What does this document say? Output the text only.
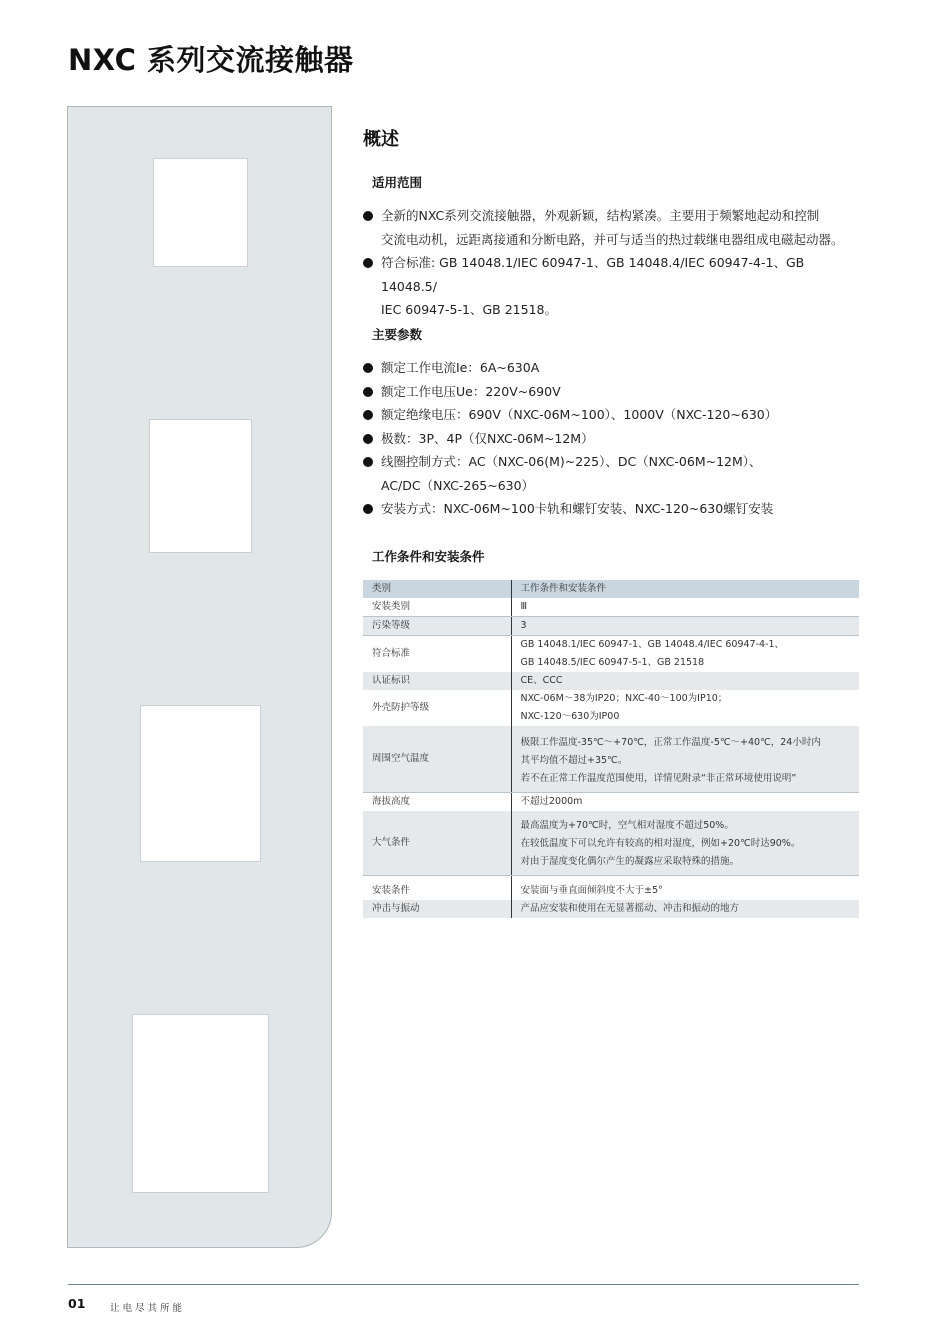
NXC 系列交流接触器
概述
适用范围
全新的NXC系列交流接触器，外观新颖，结构紧凑。主要用于频繁地起动和控制
交流电动机，远距离接通和分断电路，并可与适当的热过载继电器组成电磁起动器。
符合标准: GB 14048.1/IEC 60947-1、GB 14048.4/IEC 60947-4-1、GB 14048.5/
IEC 60947-5-1、GB 21518。
主要参数
额定工作电流Ie：6A~630A
额定工作电压Ue：220V~690V
额定绝缘电压：690V（NXC-06M~100）、1000V（NXC-120~630）
极数：3P、4P（仅NXC-06M~12M）
线圈控制方式：AC（NXC-06(M)~225）、DC（NXC-06M~12M）、
AC/DC（NXC-265~630）
安装方式：NXC-06M~100卡轨和螺钉安装、NXC-120~630螺钉安装
工作条件和安装条件
类别	工作条件和安装条件
安装类别	Ⅲ
污染等级	3
符合标准	GB 14048.1/IEC 60947-1、GB 14048.4/IEC 60947-4-1、
GB 14048.5/IEC 60947-5-1、GB 21518
认证标识	CE、CCC
外壳防护等级	NXC-06M～38为IP20；NXC-40～100为IP10；
NXC-120～630为IP00
周围空气温度	极限工作温度-35℃～+70℃，正常工作温度-5℃～+40℃，24小时内
其平均值不超过+35℃。
若不在正常工作温度范围使用，详情见附录“非正常环境使用说明”
海拔高度	不超过2000m
大气条件	最高温度为+70℃时，空气相对湿度不超过50%。
在较低温度下可以允许有较高的相对湿度，例如+20℃时达90%。
对由于湿度变化偶尔产生的凝露应采取特殊的措施。
安装条件	安装面与垂直面倾斜度不大于±5°
冲击与振动	产品应安装和使用在无显著摇动、冲击和振动的地方
01	让电尽其所能
